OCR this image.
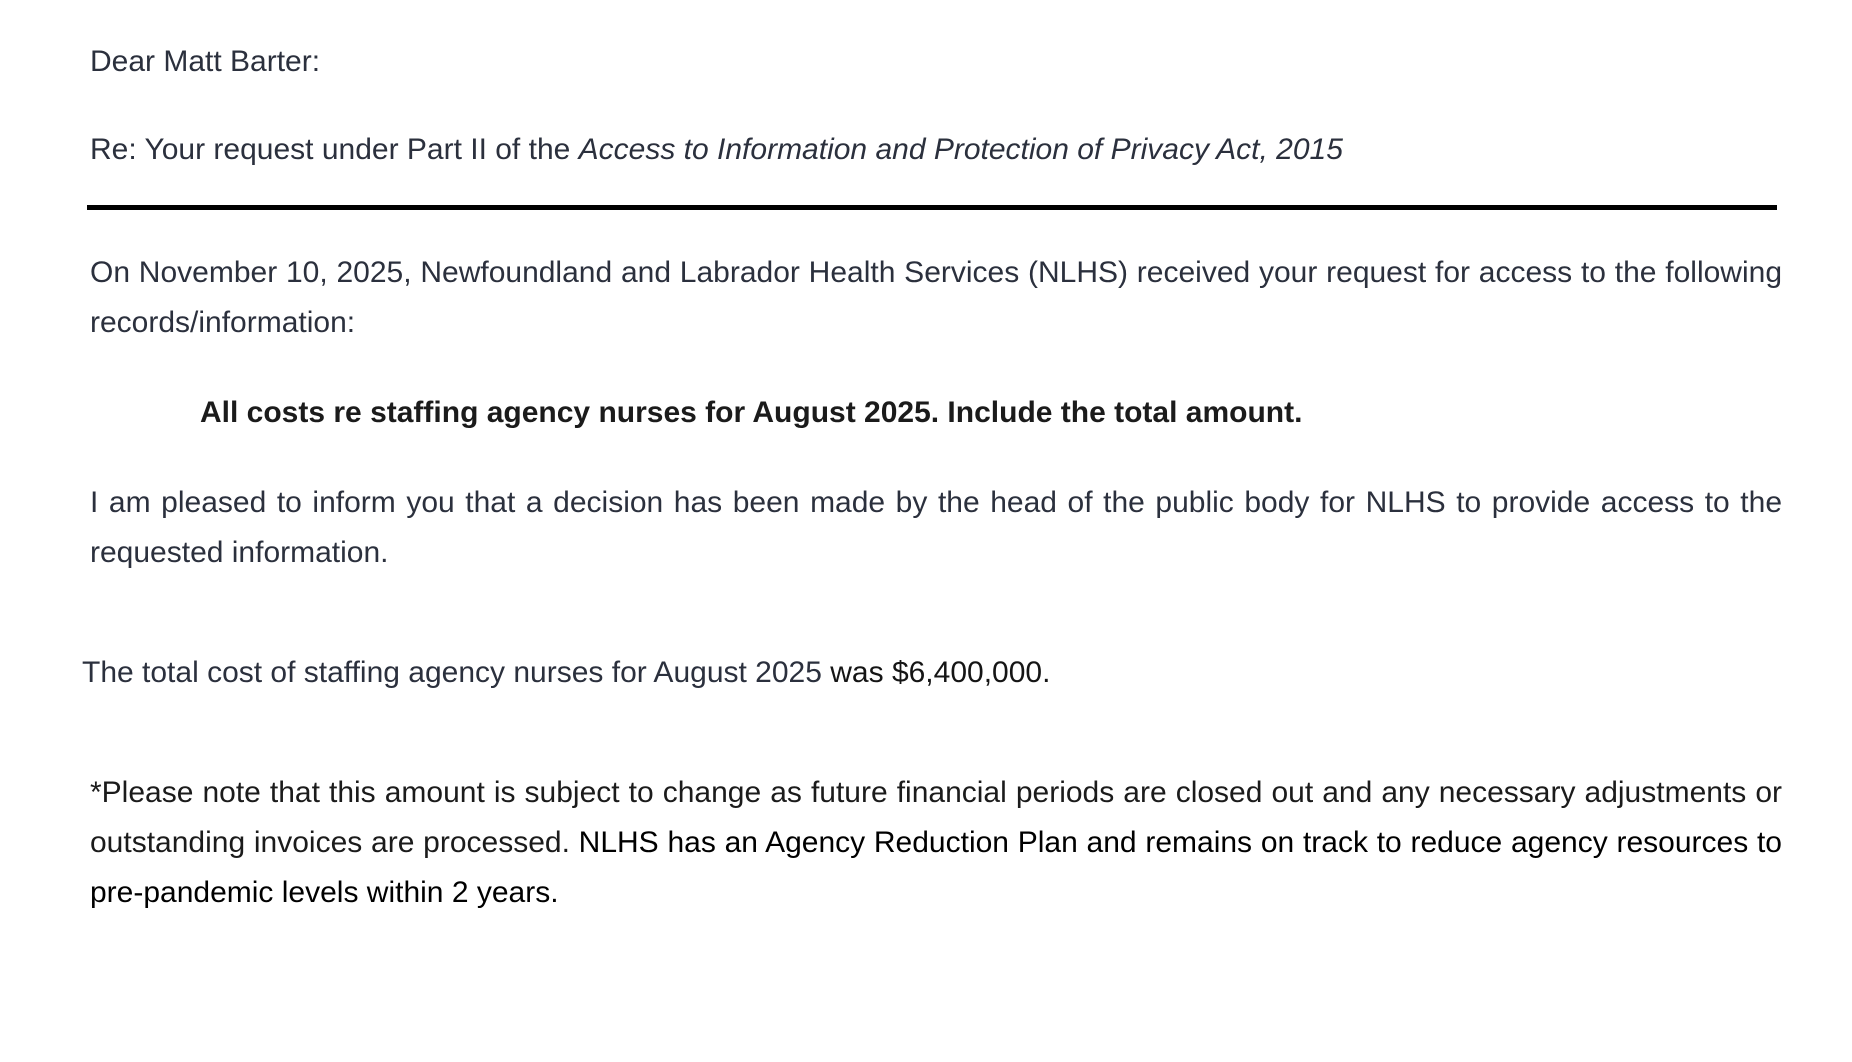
Dear Matt Barter:

Re: Your request under Part II of the Access to Information and Protection of Privacy Act, 2015

On November 10, 2025, Newfoundland and Labrador Health Services (NLHS) received your request for access to the following records/information:

All costs re staffing agency nurses for August 2025. Include the total amount.

I am pleased to inform you that a decision has been made by the head of the public body for NLHS to provide access to the requested information.

The total cost of staffing agency nurses for August 2025 was $6,400,000.

*Please note that this amount is subject to change as future financial periods are closed out and any necessary adjustments or outstanding invoices are processed. NLHS has an Agency Reduction Plan and remains on track to reduce agency resources to pre-pandemic levels within 2 years.
